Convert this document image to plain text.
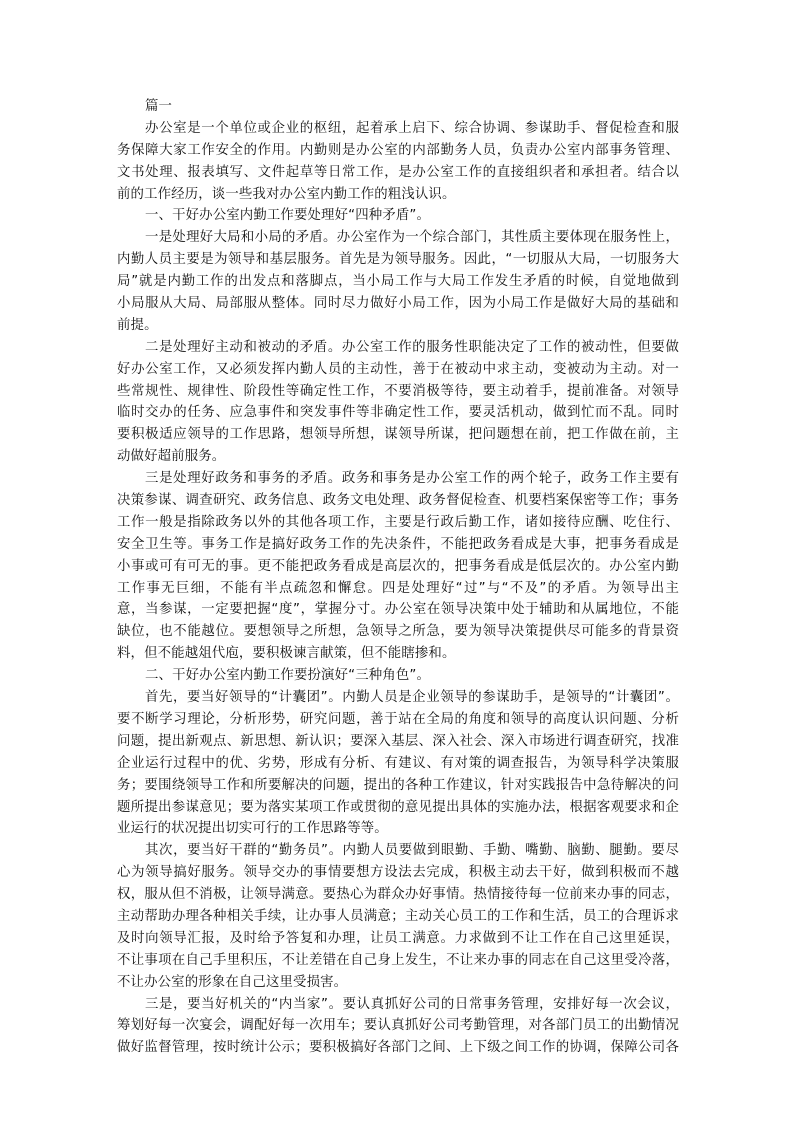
篇一
办公室是一个单位或企业的枢纽，起着承上启下、综合协调、参谋助手、督促检查和服
务保障大家工作安全的作用。内勤则是办公室的内部勤务人员，负责办公室内部事务管理、
文书处理、报表填写、文件起草等日常工作，是办公室工作的直接组织者和承担者。结合以
前的工作经历，谈一些我对办公室内勤工作的粗浅认识。
一、干好办公室内勤工作要处理好“四种矛盾”。
一是处理好大局和小局的矛盾。办公室作为一个综合部门，其性质主要体现在服务性上，
内勤人员主要是为领导和基层服务。首先是为领导服务。因此，“一切服从大局，一切服务大
局”就是内勤工作的出发点和落脚点，当小局工作与大局工作发生矛盾的时候，自觉地做到
小局服从大局、局部服从整体。同时尽力做好小局工作，因为小局工作是做好大局的基础和
前提。
二是处理好主动和被动的矛盾。办公室工作的服务性职能决定了工作的被动性，但要做
好办公室工作，又必须发挥内勤人员的主动性，善于在被动中求主动，变被动为主动。对一
些常规性、规律性、阶段性等确定性工作，不要消极等待，要主动着手，提前准备。对领导
临时交办的任务、应急事件和突发事件等非确定性工作，要灵活机动，做到忙而不乱。同时
要积极适应领导的工作思路，想领导所想，谋领导所谋，把问题想在前，把工作做在前，主
动做好超前服务。
三是处理好政务和事务的矛盾。政务和事务是办公室工作的两个轮子，政务工作主要有
决策参谋、调查研究、政务信息、政务文电处理、政务督促检查、机要档案保密等工作；事务
工作一般是指除政务以外的其他各项工作，主要是行政后勤工作，诸如接待应酬、吃住行、
安全卫生等。事务工作是搞好政务工作的先决条件，不能把政务看成是大事，把事务看成是
小事或可有可无的事。更不能把政务看成是高层次的，把事务看成是低层次的。办公室内勤
工作事无巨细，不能有半点疏忽和懈怠。四是处理好“过”与“不及”的矛盾。为领导出主
意，当参谋，一定要把握“度”，掌握分寸。办公室在领导决策中处于辅助和从属地位，不能
缺位，也不能越位。要想领导之所想，急领导之所急，要为领导决策提供尽可能多的背景资
料，但不能越俎代庖，要积极谏言献策，但不能瞎掺和。
二、干好办公室内勤工作要扮演好“三种角色”。
首先，要当好领导的“计囊团”。内勤人员是企业领导的参谋助手，是领导的“计囊团”。
要不断学习理论，分析形势，研究问题，善于站在全局的角度和领导的高度认识问题、分析
问题，提出新观点、新思想、新认识；要深入基层、深入社会、深入市场进行调查研究，找准
企业运行过程中的优、劣势，形成有分析、有建议、有对策的调查报告，为领导科学决策服
务；要围绕领导工作和所要解决的问题，提出的各种工作建议，针对实践报告中急待解决的问
题所提出参谋意见；要为落实某项工作或贯彻的意见提出具体的实施办法，根据客观要求和企
业运行的状况提出切实可行的工作思路等等。
其次，要当好干群的“勤务员”。内勤人员要做到眼勤、手勤、嘴勤、脑勤、腿勤。要尽
心为领导搞好服务。领导交办的事情要想方设法去完成，积极主动去干好，做到积极而不越
权，服从但不消极，让领导满意。要热心为群众办好事情。热情接待每一位前来办事的同志，
主动帮助办理各种相关手续，让办事人员满意；主动关心员工的工作和生活，员工的合理诉求
及时向领导汇报，及时给予答复和办理，让员工满意。力求做到不让工作在自己这里延误，
不让事项在自己手里积压，不让差错在自己身上发生，不让来办事的同志在自己这里受冷落，
不让办公室的形象在自己这里受损害。
三是，要当好机关的“内当家”。要认真抓好公司的日常事务管理，安排好每一次会议，
筹划好每一次宴会，调配好每一次用车；要认真抓好公司考勤管理，对各部门员工的出勤情况
做好监督管理，按时统计公示；要积极搞好各部门之间、上下级之间工作的协调，保障公司各
